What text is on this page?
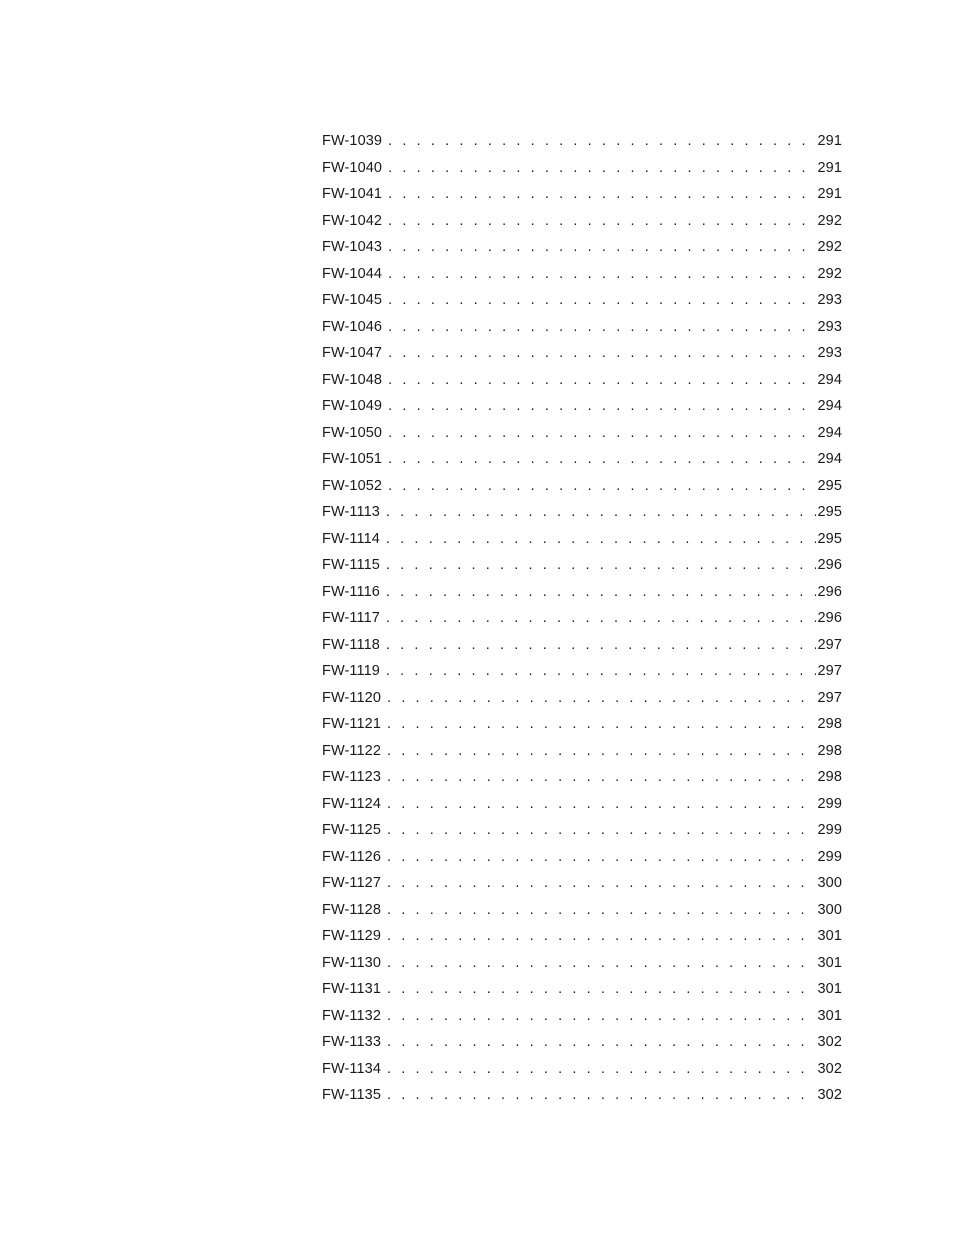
FW-1039 . . .	291
FW-1040 . . .	291
FW-1041 . . .	291
FW-1042 . . .	292
FW-1043 . . .	292
FW-1044 . . .	292
FW-1045 . . .	293
FW-1046 . . .	293
FW-1047 . . .	293
FW-1048 . . .	294
FW-1049 . . .	294
FW-1050 . . .	294
FW-1051 . . .	294
FW-1052 . . .	295
FW-1113 . . .	295
FW-1114 . . .	295
FW-1115 . . .	296
FW-1116 . . .	296
FW-1117 . . .	296
FW-1118 . . .	297
FW-1119 . . .	297
FW-1120 . . .	297
FW-1121 . . .	298
FW-1122 . . .	298
FW-1123 . . .	298
FW-1124 . . .	299
FW-1125 . . .	299
FW-1126 . . .	299
FW-1127 . . .	300
FW-1128 . . .	300
FW-1129 . . .	301
FW-1130 . . .	301
FW-1131 . . .	301
FW-1132 . . .	301
FW-1133 . . .	302
FW-1134 . . .	302
FW-1135 . . .	302
